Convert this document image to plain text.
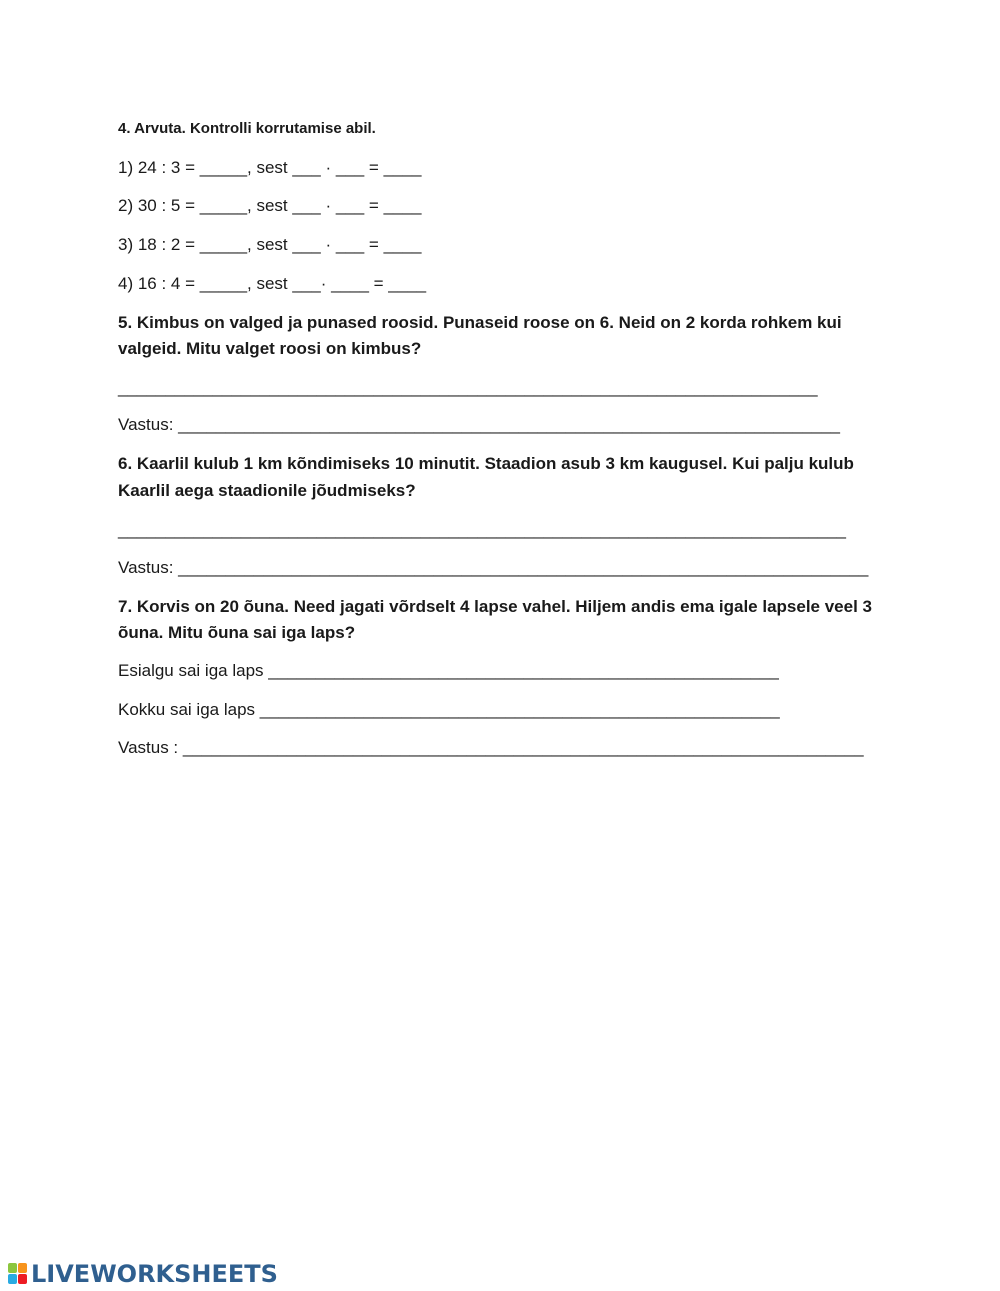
4. Arvuta. Kontrolli korrutamise abil.
1) 24 : 3 = _____, sest ___ · ___ = ____
2) 30 : 5 = _____, sest ___ · ___ = ____
3) 18 : 2 = _____, sest ___ · ___ = ____
4) 16 : 4 = _____, sest ___· ____ = ____
5. Kimbus on valged ja punased roosid. Punaseid roose on 6. Neid on 2 korda rohkem kui
valgeid. Mitu valget roosi on kimbus?
__________________________________________________________________________
Vastus: ______________________________________________________________________
6. Kaarlil kulub 1 km kõndimiseks 10 minutit. Staadion asub 3 km kaugusel. Kui palju kulub
Kaarlil aega staadionile jõudmiseks?
_____________________________________________________________________________
Vastus: _________________________________________________________________________
7. Korvis on 20 õuna. Need jagati võrdselt 4 lapse vahel. Hiljem andis ema igale lapsele veel 3
õuna. Mitu õuna sai iga laps?
Esialgu sai iga laps ______________________________________________________
Kokku sai iga laps _______________________________________________________
Vastus : ________________________________________________________________________
LIVEWORKSHEETS
